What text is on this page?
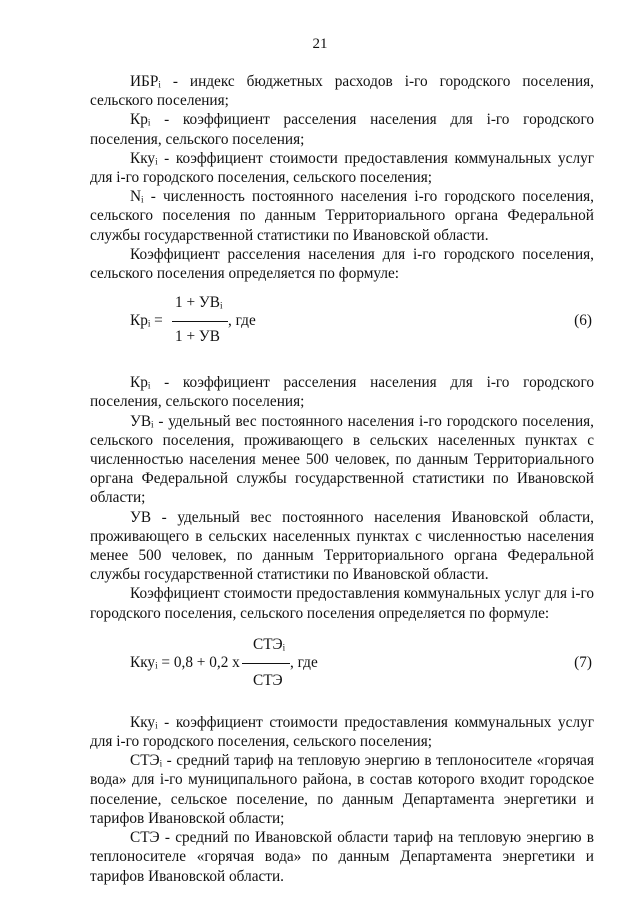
21

ИБРᵢ - индекс бюджетных расходов i-го городского поселения, сельского поселения;

Крᵢ - коэффициент расселения населения для i-го городского поселения, сельского поселения;

Ккуᵢ - коэффициент стоимости предоставления коммунальных услуг для i-го городского поселения, сельского поселения;

Nᵢ - численность постоянного населения i-го городского поселения, сельского поселения по данным Территориального органа Федеральной службы государственной статистики по Ивановской области.

Коэффициент расселения населения для i-го городского поселения, сельского поселения определяется по формуле:

Крᵢ =
1 + УВᵢ
1 + УВ
, где	(6)

Крᵢ - коэффициент расселения населения для i-го городского поселения, сельского поселения;

УВᵢ - удельный вес постоянного населения i-го городского поселения, сельского поселения, проживающего в сельских населенных пунктах с численностью населения менее 500 человек, по данным Территориального органа Федеральной службы государственной статистики по Ивановской области;

УВ - удельный вес постоянного населения Ивановской области, проживающего в сельских населенных пунктах с численностью населения менее 500 человек, по данным Территориального органа Федеральной службы государственной статистики по Ивановской области.

Коэффициент стоимости предоставления коммунальных услуг для i-го городского поселения, сельского поселения определяется по формуле:

Ккуᵢ = 0,8 + 0,2 x
СТЭᵢ
СТЭ
, где	(7)

Ккуᵢ - коэффициент стоимости предоставления коммунальных услуг для i-го городского поселения, сельского поселения;

СТЭᵢ - средний тариф на тепловую энергию в теплоносителе «горячая вода» для i-го муниципального района, в состав которого входит городское поселение, сельское поселение, по данным Департамента энергетики и тарифов Ивановской области;

СТЭ - средний по Ивановской области тариф на тепловую энергию в теплоносителе «горячая вода» по данным Департамента энергетики и тарифов Ивановской области.
